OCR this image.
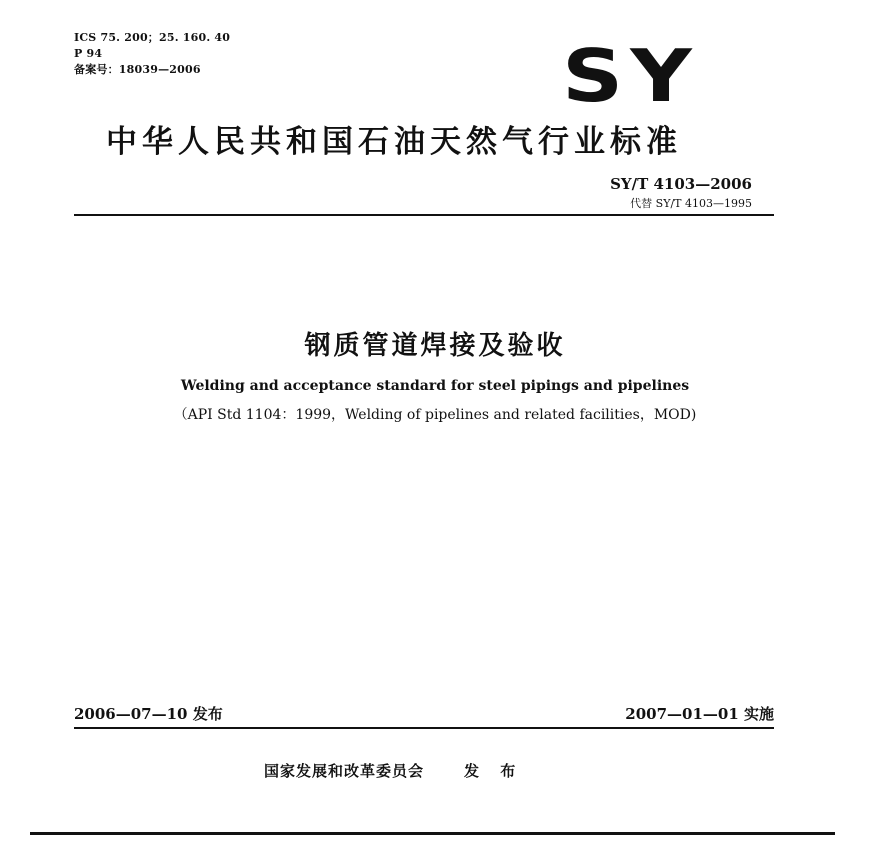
ICS 75. 200；25. 160. 40
P 94
备案号：18039—2006	SY
中华人民共和国石油天然气行业标准
SY/T 4103—2006
代替 SY/T 4103—1995
钢质管道焊接及验收
Welding and acceptance standard for steel pipings and pipelines
（API Std 1104：1999，Welding of pipelines and related facilities，MOD)
2006—07—10 发布	2007—01—01 实施
国家发展和改革委员会	发 布
